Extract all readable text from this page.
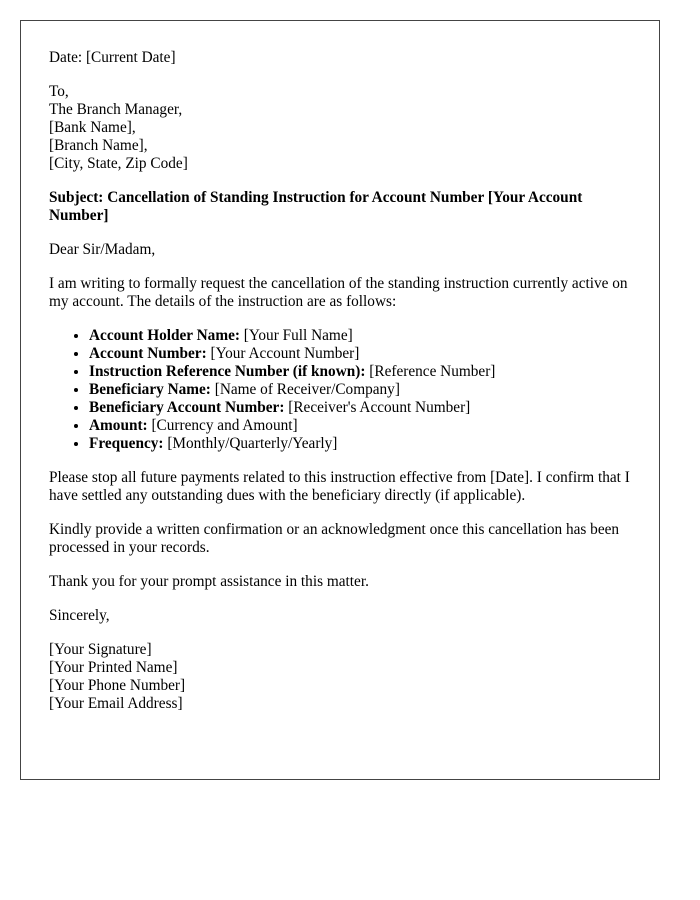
Date: [Current Date]

To,
The Branch Manager,
[Bank Name],
[Branch Name],
[City, State, Zip Code]

Subject: Cancellation of Standing Instruction for Account Number [Your Account Number]

Dear Sir/Madam,

I am writing to formally request the cancellation of the standing instruction currently active on my account. The details of the instruction are as follows:

• Account Holder Name: [Your Full Name]
• Account Number: [Your Account Number]
• Instruction Reference Number (if known): [Reference Number]
• Beneficiary Name: [Name of Receiver/Company]
• Beneficiary Account Number: [Receiver's Account Number]
• Amount: [Currency and Amount]
• Frequency: [Monthly/Quarterly/Yearly]

Please stop all future payments related to this instruction effective from [Date]. I confirm that I have settled any outstanding dues with the beneficiary directly (if applicable).

Kindly provide a written confirmation or an acknowledgment once this cancellation has been processed in your records.

Thank you for your prompt assistance in this matter.

Sincerely,

[Your Signature]
[Your Printed Name]
[Your Phone Number]
[Your Email Address]
